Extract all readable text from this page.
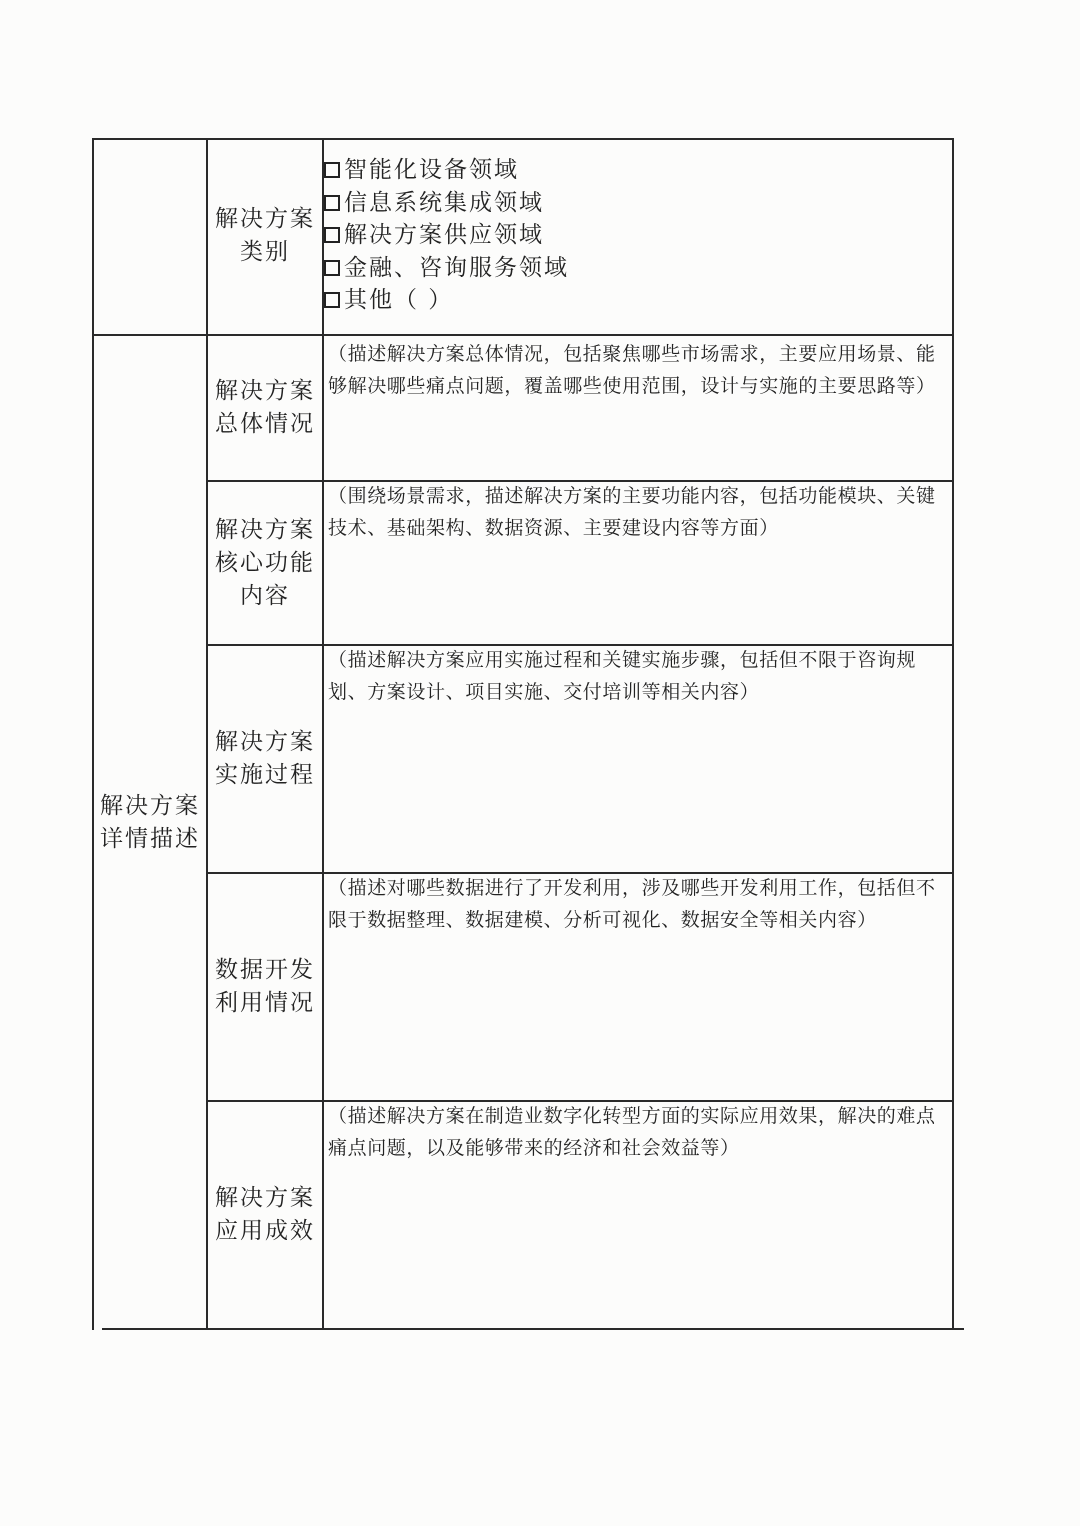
解决方案
类别
智能化设备领域
信息系统集成领域
解决方案供应领域
金融、咨询服务领域
其他（ ）
解决方案
详情描述
解决方案
总体情况
（描述解决方案总体情况，包括聚焦哪些市场需求，主要应用场景、能够解决哪些痛点问题，覆盖哪些使用范围，设计与实施的主要思路等）
解决方案
核心功能
内容
（围绕场景需求，描述解决方案的主要功能内容，包括功能模块、关键技术、基础架构、数据资源、主要建设内容等方面）
解决方案
实施过程
（描述解决方案应用实施过程和关键实施步骤，包括但不限于咨询规划、方案设计、项目实施、交付培训等相关内容）
数据开发
利用情况
（描述对哪些数据进行了开发利用，涉及哪些开发利用工作，包括但不限于数据整理、数据建模、分析可视化、数据安全等相关内容）
解决方案
应用成效
（描述解决方案在制造业数字化转型方面的实际应用效果，解决的难点痛点问题，以及能够带来的经济和社会效益等）
